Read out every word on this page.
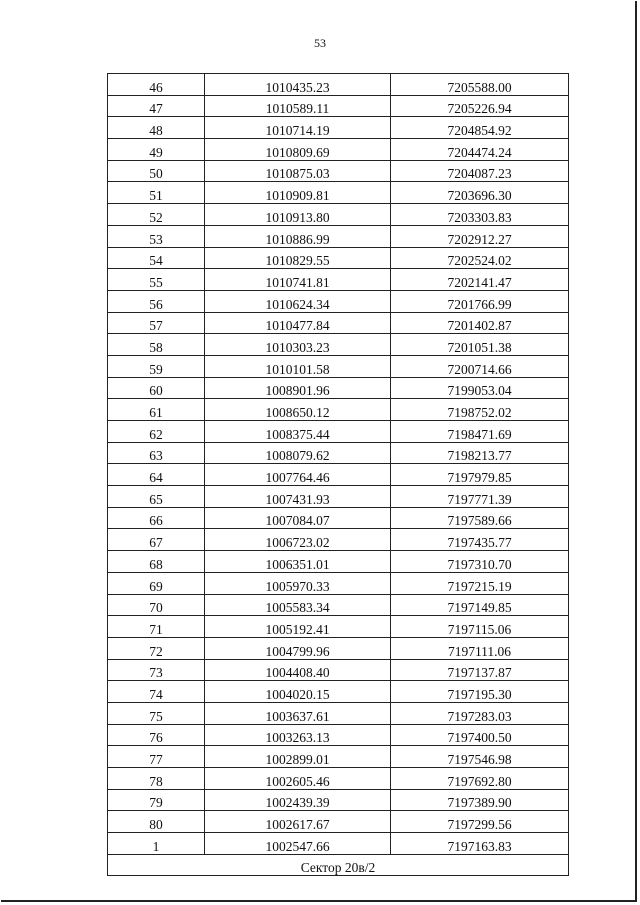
53
46	1010435.23	7205588.00
47	1010589.11	7205226.94
48	1010714.19	7204854.92
49	1010809.69	7204474.24
50	1010875.03	7204087.23
51	1010909.81	7203696.30
52	1010913.80	7203303.83
53	1010886.99	7202912.27
54	1010829.55	7202524.02
55	1010741.81	7202141.47
56	1010624.34	7201766.99
57	1010477.84	7201402.87
58	1010303.23	7201051.38
59	1010101.58	7200714.66
60	1008901.96	7199053.04
61	1008650.12	7198752.02
62	1008375.44	7198471.69
63	1008079.62	7198213.77
64	1007764.46	7197979.85
65	1007431.93	7197771.39
66	1007084.07	7197589.66
67	1006723.02	7197435.77
68	1006351.01	7197310.70
69	1005970.33	7197215.19
70	1005583.34	7197149.85
71	1005192.41	7197115.06
72	1004799.96	7197111.06
73	1004408.40	7197137.87
74	1004020.15	7197195.30
75	1003637.61	7197283.03
76	1003263.13	7197400.50
77	1002899.01	7197546.98
78	1002605.46	7197692.80
79	1002439.39	7197389.90
80	1002617.67	7197299.56
1	1002547.66	7197163.83
Сектор 20в/2		
